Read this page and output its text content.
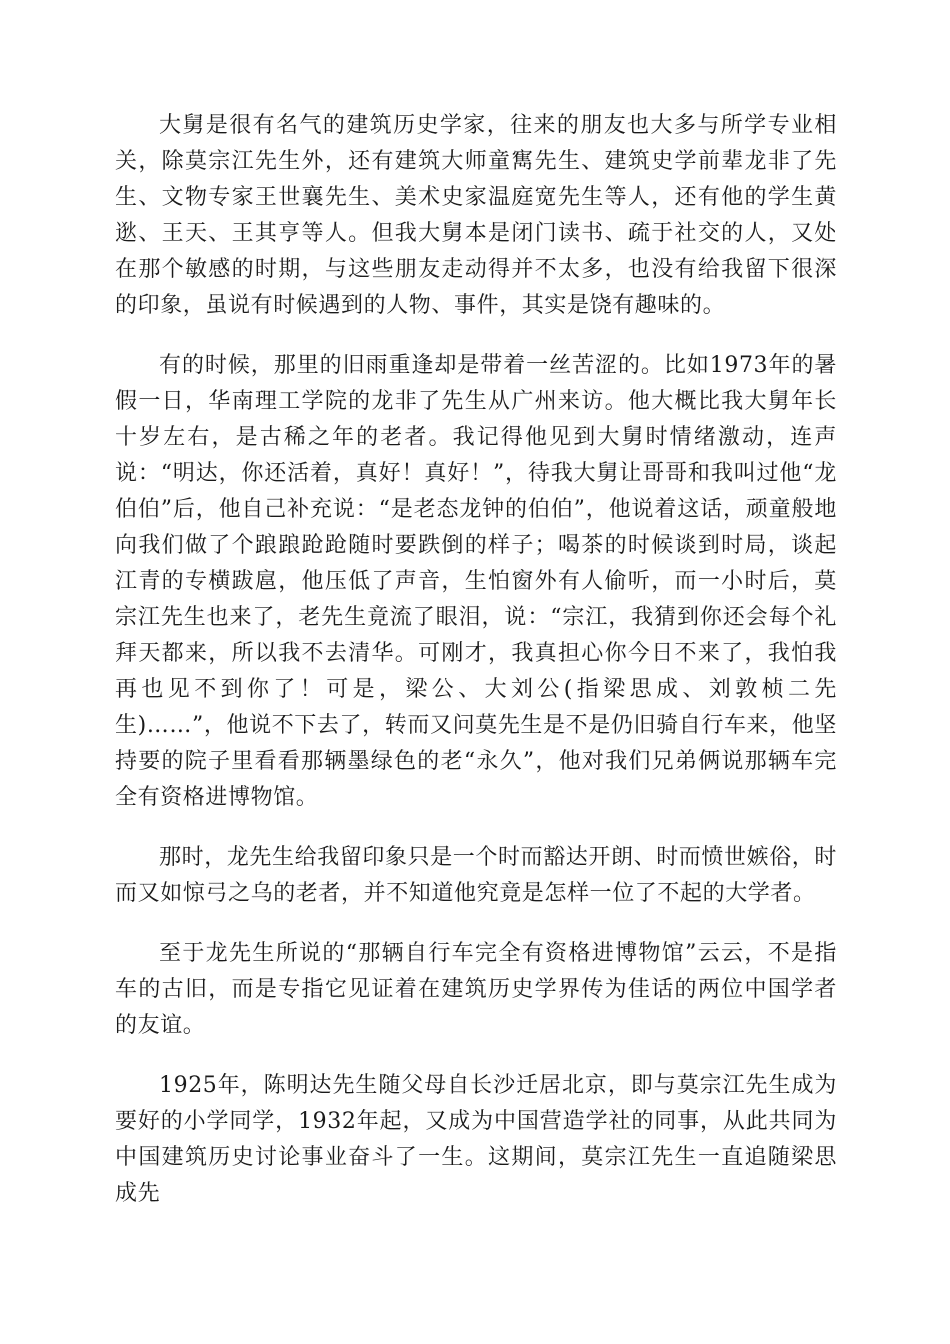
大舅是很有名气的建筑历史学家，往来的朋友也大多与所学专业相关，除莫宗江先生外，还有建筑大师童寯先生、建筑史学前辈龙非了先生、文物专家王世襄先生、美术史家温庭宽先生等人，还有他的学生黄逖、王天、王其亨等人。但我大舅本是闭门读书、疏于社交的人，又处在那个敏感的时期，与这些朋友走动得并不太多，也没有给我留下很深的印象，虽说有时候遇到的人物、事件，其实是饶有趣味的。

有的时候，那里的旧雨重逢却是带着一丝苦涩的。比如1973年的暑假一日，华南理工学院的龙非了先生从广州来访。他大概比我大舅年长十岁左右，是古稀之年的老者。我记得他见到大舅时情绪激动，连声说：“明达，你还活着，真好！真好！”，待我大舅让哥哥和我叫过他“龙伯伯”后，他自己补充说：“是老态龙钟的伯伯”，他说着这话，顽童般地向我们做了个踉踉跄跄随时要跌倒的样子；喝茶的时候谈到时局，谈起江青的专横跋扈，他压低了声音，生怕窗外有人偷听，而一小时后，莫宗江先生也来了，老先生竟流了眼泪，说：“宗江，我猜到你还会每个礼拜天都来，所以我不去清华。可刚才，我真担心你今日不来了，我怕我再也见不到你了！可是，梁公、大刘公(指梁思成、刘敦桢二先生)……”，他说不下去了，转而又问莫先生是不是仍旧骑自行车来，他坚持要的院子里看看那辆墨绿色的老“永久”，他对我们兄弟俩说那辆车完全有资格进博物馆。

那时，龙先生给我留印象只是一个时而豁达开朗、时而愤世嫉俗，时而又如惊弓之乌的老者，并不知道他究竟是怎样一位了不起的大学者。

至于龙先生所说的“那辆自行车完全有资格进博物馆”云云，不是指车的古旧，而是专指它见证着在建筑历史学界传为佳话的两位中国学者的友谊。

1925年，陈明达先生随父母自长沙迁居北京，即与莫宗江先生成为要好的小学同学，1932年起，又成为中国营造学社的同事，从此共同为中国建筑历史讨论事业奋斗了一生。这期间，莫宗江先生一直追随梁思成先
